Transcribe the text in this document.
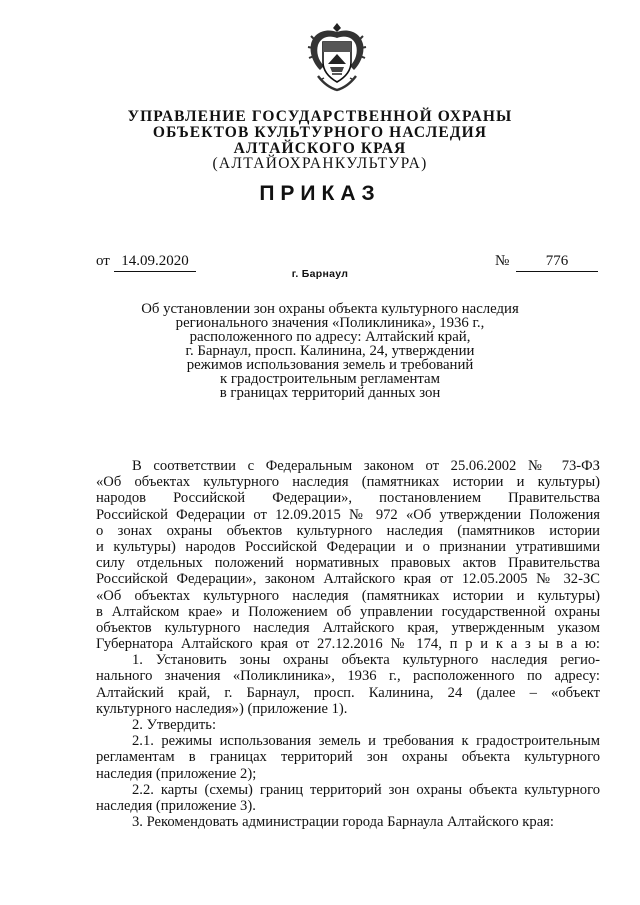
УПРАВЛЕНИЕ ГОСУДАРСТВЕННОЙ ОХРАНЫ
ОБЪЕКТОВ КУЛЬТУРНОГО НАСЛЕДИЯ
АЛТАЙСКОГО КРАЯ
(АЛТАЙОХРАНКУЛЬТУРА)
ПРИКАЗ
от 14.09.2020	№	776
г. Барнаул
Об установлении зон охраны объекта культурного наследия
регионального значения «Поликлиника», 1936 г.,
расположенного по адресу: Алтайский край,
г. Барнаул, просп. Калинина, 24, утверждении
режимов использования земель и требований
к градостроительным регламентам
в границах территорий данных зон
В соответствии с Федеральным законом от 25.06.2002 № 73-ФЗ
«Об объектах культурного наследия (памятниках истории и культуры)
народов Российской Федерации», постановлением Правительства
Российской Федерации от 12.09.2015 № 972 «Об утверждении Положения
о зонах охраны объектов культурного наследия (памятников истории
и культуры) народов Российской Федерации и о признании утратившими
силу отдельных положений нормативных правовых актов Правительства
Российской Федерации», законом Алтайского края от 12.05.2005 № 32-ЗС
«Об объектах культурного наследия (памятниках истории и культуры)
в Алтайском крае» и Положением об управлении государственной охраны
объектов культурного наследия Алтайского края, утвержденным указом
Губернатора Алтайского края от 27.12.2016 № 174, п р и к а з ы в а ю:
1. Установить зоны охраны объекта культурного наследия регио-
нального значения «Поликлиника», 1936 г., расположенного по адресу:
Алтайский край, г. Барнаул, просп. Калинина, 24 (далее – «объект
культурного наследия») (приложение 1).
2. Утвердить:
2.1. режимы использования земель и требования к градостроительным
регламентам в границах территорий зон охраны объекта культурного
наследия (приложение 2);
2.2. карты (схемы) границ территорий зон охраны объекта культурного
наследия (приложение 3).
3. Рекомендовать администрации города Барнаула Алтайского края:
